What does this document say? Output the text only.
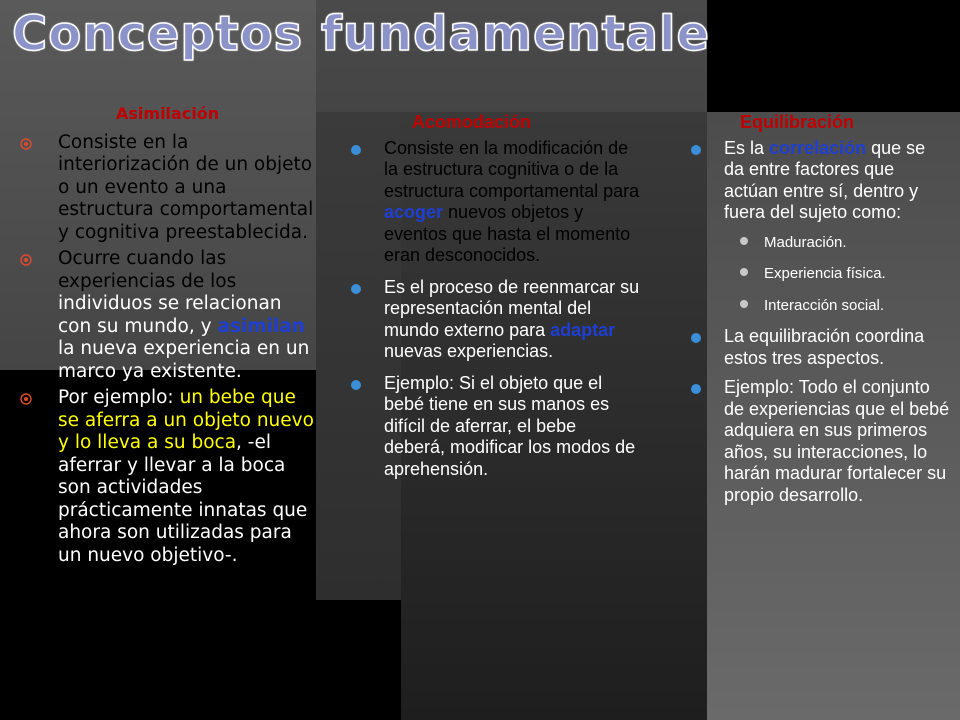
Conceptos fundamentale
Asimilación
Consiste en la interiorización de un objeto o un evento a una estructura comportamental y cognitiva preestablecida.
Ocurre cuando las experiencias de los individuos se relacionan con su mundo, y asimilan la nueva experiencia en un marco ya existente.
Por ejemplo: un bebe que se aferra a un objeto nuevo y lo lleva a su boca, -el aferrar y llevar a la boca son actividades prácticamente innatas que ahora son utilizadas para un nuevo objetivo-.
Acomodación
Consiste en la modificación de la estructura cognitiva o de la estructura comportamental para acoger nuevos objetos y eventos que hasta el momento eran desconocidos.
Es el proceso de reenmarcar su representación mental del mundo externo para adaptar nuevas experiencias.
Ejemplo: Si el objeto que el bebé tiene en sus manos es difícil de aferrar, el bebe deberá, modificar los modos de aprehensión.
Equilibración
Es la correlación que se da entre factores que actúan entre sí, dentro y fuera del sujeto como:
Maduración.
Experiencia física.
Interacción social.
La equilibración coordina estos tres aspectos.
Ejemplo: Todo el conjunto de experiencias que el bebé adquiera en sus primeros años, su interacciones, lo harán madurar fortalecer su propio desarrollo.
